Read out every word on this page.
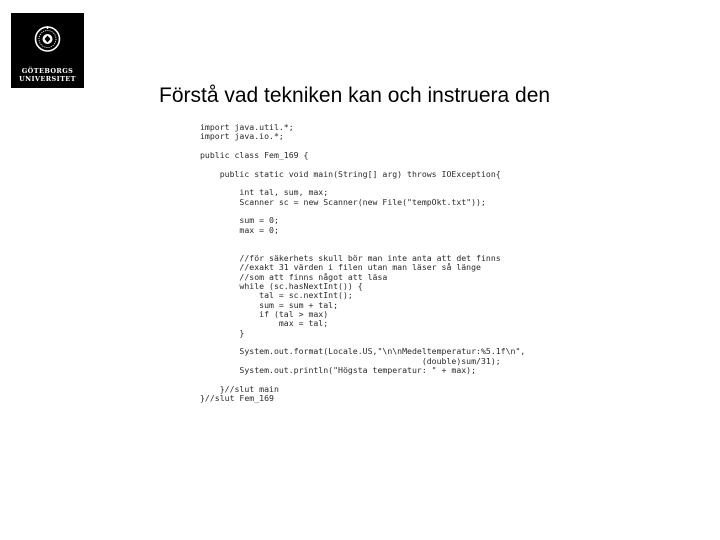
GÖTEBORGS
UNIVERSITET
Förstå vad tekniken kan och instruera den
import java.util.*;
import java.io.*;
public class Fem_169 {
public static void main(String[] arg) throws IOException{
int tal, sum, max;
Scanner sc = new Scanner(new File("tempOkt.txt"));
sum = 0;
max = 0;
//för säkerhets skull bör man inte anta att det finns
//exakt 31 värden i filen utan man läser så länge
//som att finns något att läsa
while (sc.hasNextInt()) {
tal = sc.nextInt();
sum = sum + tal;
if (tal > max)
max = tal;
}
System.out.format(Locale.US,"\n\nMedeltemperatur:%5.1f\n",
(double)sum/31);
System.out.println("Högsta temperatur: " + max);
}//slut main
}//slut Fem_169
